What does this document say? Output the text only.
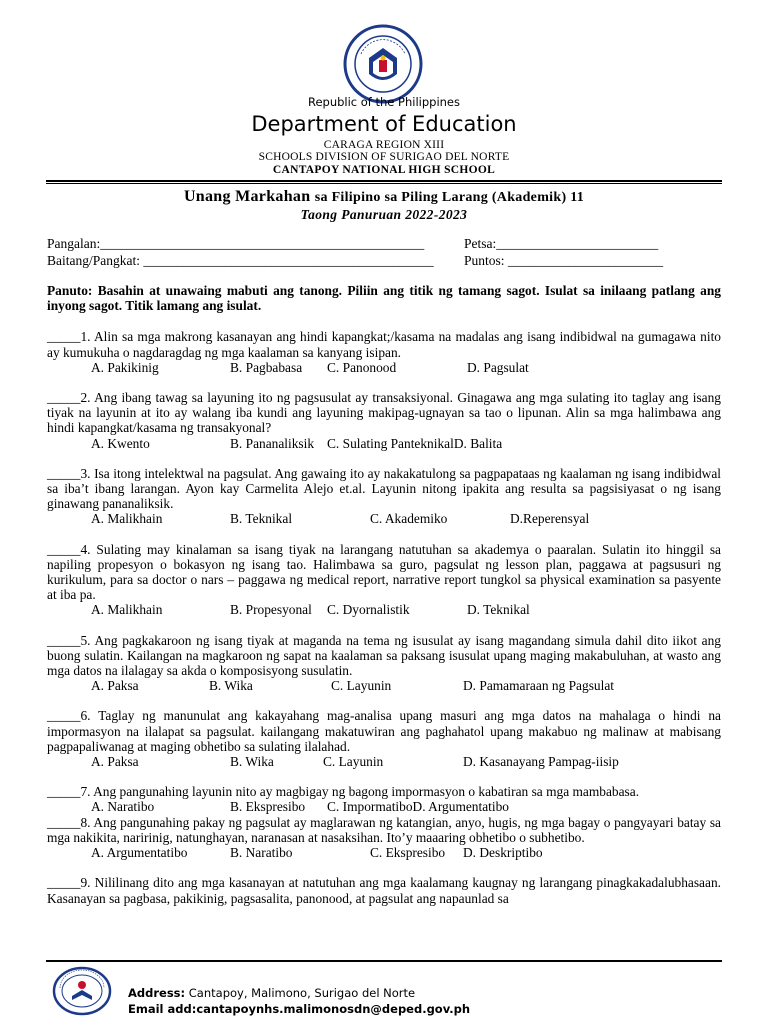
Republic of the Philippines
Department of Education
CARAGA REGION XIII
SCHOOLS DIVISION OF SURIGAO DEL NORTE
CANTAPOY NATIONAL HIGH SCHOOL
Unang Markahan sa Filipino sa Piling Larang (Akademik) 11
Taong Panuruan 2022-2023
Pangalan:________________________________________________	Petsa:________________________
Baitang/Pangkat: ___________________________________________ Puntos: _______________________
Panuto: Basahin at unawaing mabuti ang tanong. Piliin ang titik ng tamang sagot. Isulat sa inilaang patlang ang inyong sagot. Titik lamang ang isulat.
_____1. Alin sa mga makrong kasanayan ang hindi kapangkat;/kasama na madalas ang isang indibidwal na gumagawa nito ay kumukuha o nagdaragdag ng mga kaalaman sa kanyang isipan.
A. Pakikinig	B. Pagbabasa	C. Panonood	D. Pagsulat
_____2. Ang ibang tawag sa layuning ito ng pagsusulat ay transaksiyonal. Ginagawa ang mga sulating ito taglay ang isang tiyak na layunin at ito ay walang iba kundi ang layuning makipag-ugnayan sa tao o lipunan. Alin sa mga halimbawa ang hindi kapangkat/kasama ng transakyonal?
A. Kwento	B. Pananaliksik C. Sulating Panteknikal D. Balita
_____3. Isa itong intelektwal na pagsulat. Ang gawaing ito ay nakakatulong sa pagpapataas ng kaalaman ng isang indibidwal sa iba’t ibang larangan. Ayon kay Carmelita Alejo et.al. Layunin nitong ipakita ang resulta sa pagsisiyasat o ng isang ginawang pananaliksik.
A. Malikhain	B. Teknikal	C. Akademiko	D.Reperensyal
_____4. Sulating may kinalaman sa isang tiyak na larangang natutuhan sa akademya o paaralan. Sulatin ito hinggil sa napiling propesyon o bokasyon ng isang tao. Halimbawa sa guro, pagsulat ng lesson plan, paggawa at pagsusuri ng kurikulum, para sa doctor o nars – paggawa ng medical report, narrative report tungkol sa physical examination sa pasyente at iba pa.
A. Malikhain	B. Propesyonal	C. Dyornalistik	D. Teknikal
_____5. Ang pagkakaroon ng isang tiyak at maganda na tema ng isusulat ay isang magandang simula dahil dito iikot ang buong sulatin. Kailangan na magkaroon ng sapat na kaalaman sa paksang isusulat upang maging makabuluhan, at wasto ang mga datos na ilalagay sa akda o komposisyong susulatin.
A. Paksa	B. Wika	C. Layunin	D. Pamamaraan ng Pagsulat
_____6. Taglay ng manunulat ang kakayahang mag-analisa upang masuri ang mga datos na mahalaga o hindi na impormasyon na ilalapat sa pagsulat. kailangang makatuwiran ang paghahatol upang makabuo ng malinaw at mabisang pagpapaliwanag at maging obhetibo sa sulating ilalahad.
A. Paksa	B. Wika	C. Layunin	D. Kasanayang Pampag-iisip
_____7. Ang pangunahing layunin nito ay magbigay ng bagong impormasyon o kabatiran sa mga mambabasa.
A. Naratibo	B. Ekspresibo	C. Impormatibo D. Argumentatibo
_____8. Ang pangunahing pakay ng pagsulat ay maglarawan ng katangian, anyo, hugis, ng mga bagay o pangyayari batay sa mga nakikita, naririnig, natunghayan, naranasan at nasaksihan. Ito’y maaaring obhetibo o subhetibo.
A. Argumentatibo	B. Naratibo	C. Ekspresibo	D. Deskriptibo
_____9. Nililinang dito ang mga kasanayan at natutuhan ang mga kaalamang kaugnay ng larangang pinagkakadalubhasaan. Kasanayan sa pagbasa, pakikinig, pagsasalita, panonood, at pagsulat ang napaunlad sa
Address: Cantapoy, Malimono, Surigao del Norte
Email add:cantapoynhs.malimonosdn@deped.gov.ph
